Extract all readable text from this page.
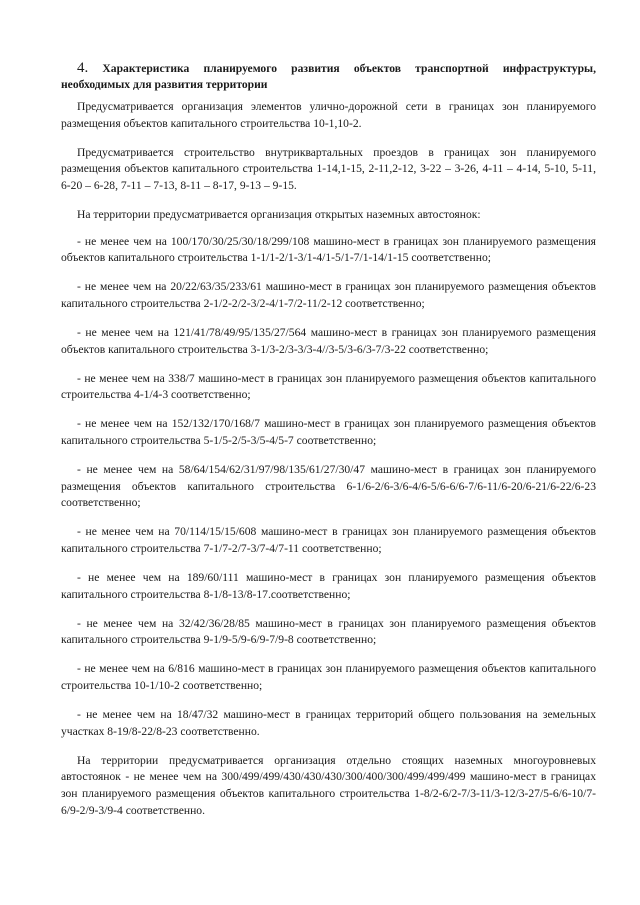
4. Характеристика планируемого развития объектов транспортной инфраструктуры, необходимых для развития территории

Предусматривается организация элементов улично-дорожной сети в границах зон планируемого размещения объектов капитального строительства 10-1,10-2.

Предусматривается строительство внутриквартальных проездов в границах зон планируемого размещения объектов капитального строительства 1-14,1-15, 2-11,2-12, 3-22 – 3-26, 4-11 – 4-14, 5-10, 5-11, 6-20 – 6-28, 7-11 – 7-13, 8-11 – 8-17, 9-13 – 9-15.

На территории предусматривается организация открытых наземных автостоянок:

- не менее чем на 100/170/30/25/30/18/299/108 машино-мест в границах зон планируемого размещения объектов капитального строительства 1-1/1-2/1-3/1-4/1-5/1-7/1-14/1-15 соответственно;

- не менее чем на 20/22/63/35/233/61 машино-мест в границах зон планируемого размещения объектов капитального строительства 2-1/2-2/2-3/2-4/1-7/2-11/2-12 соответственно;

- не менее чем на 121/41/78/49/95/135/27/564 машино-мест в границах зон планируемого размещения объектов капитального строительства 3-1/3-2/3-3/3-4//3-5/3-6/3-7/3-22 соответственно;

- не менее чем на 338/7 машино-мест в границах зон планируемого размещения объектов капитального строительства 4-1/4-3 соответственно;

- не менее чем на 152/132/170/168/7 машино-мест в границах зон планируемого размещения объектов капитального строительства 5-1/5-2/5-3/5-4/5-7 соответственно;

- не менее чем на 58/64/154/62/31/97/98/135/61/27/30/47 машино-мест в границах зон планируемого размещения объектов капитального строительства 6-1/6-2/6-3/6-4/6-5/6-6/6-7/6-11/6-20/6-21/6-22/6-23 соответственно;

- не менее чем на 70/114/15/15/608 машино-мест в границах зон планируемого размещения объектов капитального строительства 7-1/7-2/7-3/7-4/7-11 соответственно;

- не менее чем на 189/60/111 машино-мест в границах зон планируемого размещения объектов капитального строительства 8-1/8-13/8-17.соответственно;

- не менее чем на 32/42/36/28/85 машино-мест в границах зон планируемого размещения объектов капитального строительства 9-1/9-5/9-6/9-7/9-8 соответственно;

- не менее чем на 6/816 машино-мест в границах зон планируемого размещения объектов капитального строительства 10-1/10-2 соответственно;

- не менее чем на 18/47/32 машино-мест в границах территорий общего пользования на земельных участках 8-19/8-22/8-23 соответственно.

На территории предусматривается организация отдельно стоящих наземных многоуровневых автостоянок - не менее чем на 300/499/499/430/430/430/300/400/300/499/499/499 машино-мест в границах зон планируемого размещения объектов капитального строительства 1-8/2-6/2-7/3-11/3-12/3-27/5-6/6-10/7-6/9-2/9-3/9-4 соответственно.
